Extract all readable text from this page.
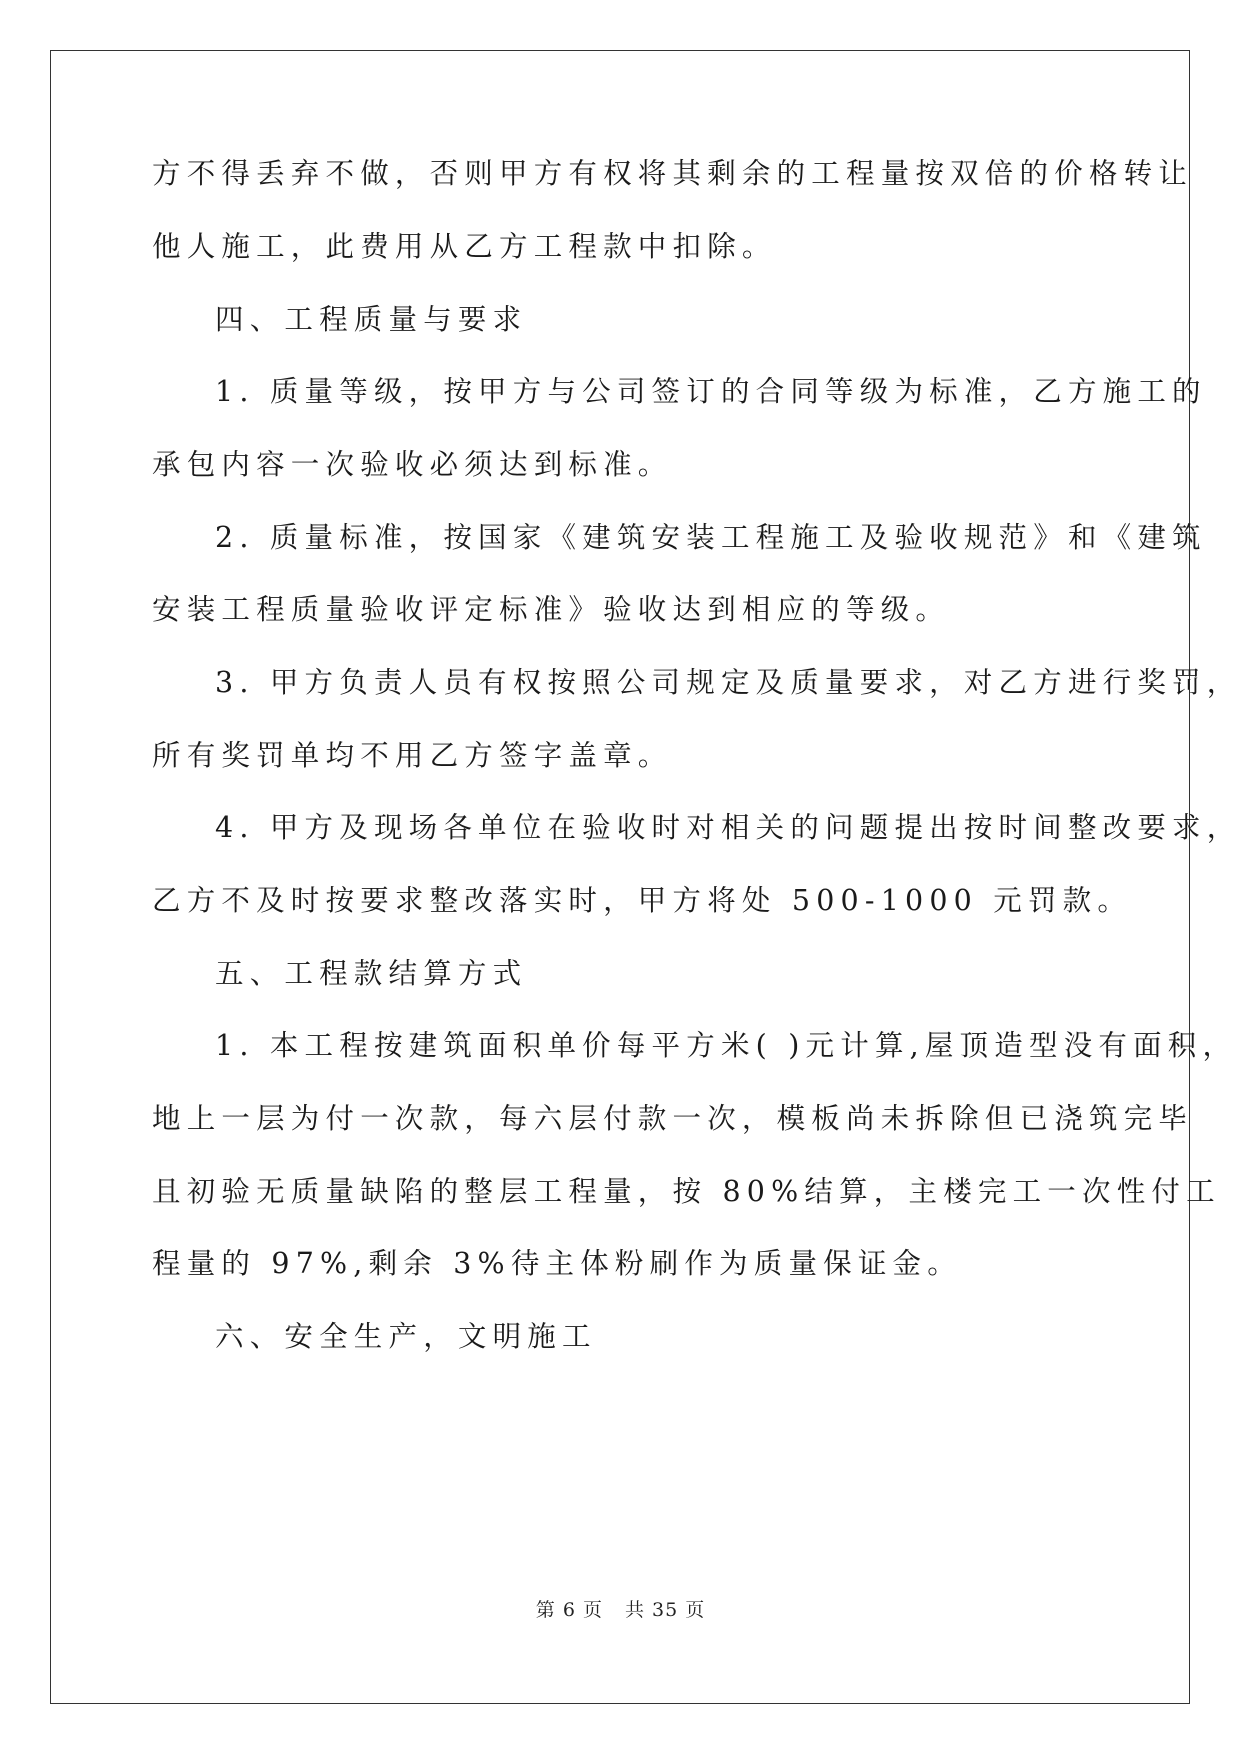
方不得丢弃不做，否则甲方有权将其剩余的工程量按双倍的价格转让
他人施工，此费用从乙方工程款中扣除。
四、工程质量与要求
1. 质量等级，按甲方与公司签订的合同等级为标准，乙方施工的
承包内容一次验收必须达到标准。
2. 质量标准，按国家《建筑安装工程施工及验收规范》和《建筑
安装工程质量验收评定标准》验收达到相应的等级。
3. 甲方负责人员有权按照公司规定及质量要求，对乙方进行奖罚，
所有奖罚单均不用乙方签字盖章。
4. 甲方及现场各单位在验收时对相关的问题提出按时间整改要求，
乙方不及时按要求整改落实时，甲方将处 500-1000 元罚款。
五、工程款结算方式
1. 本工程按建筑面积单价每平方米( )元计算,屋顶造型没有面积，
地上一层为付一次款，每六层付款一次，模板尚未拆除但已浇筑完毕
且初验无质量缺陷的整层工程量，按 80%结算，主楼完工一次性付工
程量的 97%,剩余 3%待主体粉刷作为质量保证金。
六、安全生产，文明施工
第 6 页 共 35 页
